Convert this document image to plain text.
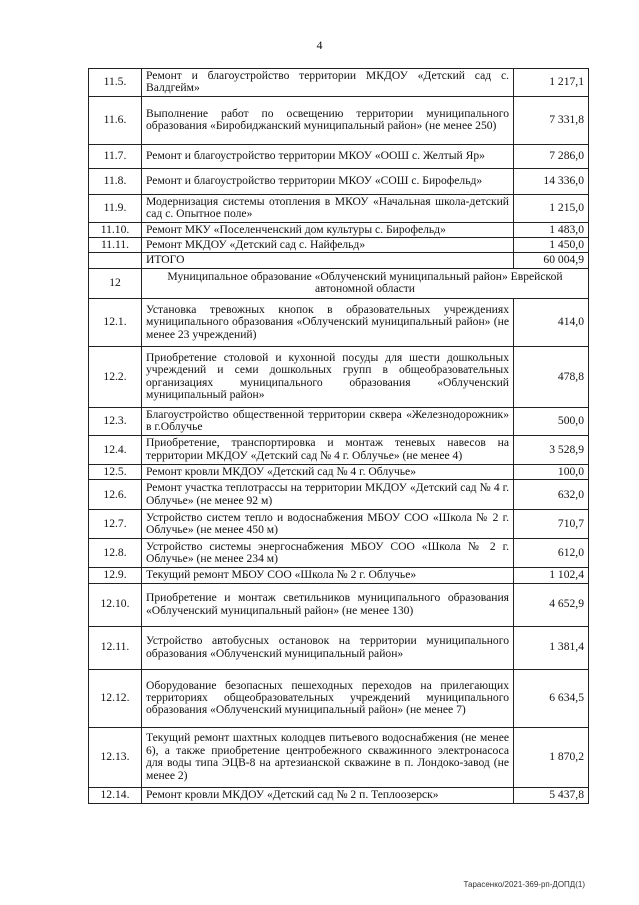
4
11.5.	Ремонт и благоустройство территории МКДОУ «Детский сад с. Валдгейм»	1 217,1
11.6.	Выполнение работ по освещению территории муниципального образования «Биробиджанский муниципальный район» (не менее 250)	7 331,8
11.7.	Ремонт и благоустройство территории МКОУ «ООШ с. Желтый Яр»	7 286,0
11.8.	Ремонт и благоустройство территории МКОУ «СОШ с. Бирофельд»	14 336,0
11.9.	Модернизация системы отопления в МКОУ «Начальная школа-детский сад с. Опытное поле»	1 215,0
11.10.	Ремонт МКУ «Поселенченский дом культуры с. Бирофельд»	1 483,0
11.11.	Ремонт МКДОУ «Детский сад с. Найфельд»	1 450,0
	ИТОГО	60 004,9
12	Муниципальное образование «Облученский муниципальный район» Еврейской автономной области	
12.1.	Установка тревожных кнопок в образовательных учреждениях муниципального образования «Облученский муниципальный район» (не менее 23 учреждений)	414,0
12.2.	Приобретение столовой и кухонной посуды для шести дошкольных учреждений и семи дошкольных групп в общеобразовательных организациях муниципального образования «Облученский муниципальный район»	478,8
12.3.	Благоустройство общественной территории сквера «Железнодорожник» в г.Облучье	500,0
12.4.	Приобретение, транспортировка и монтаж теневых навесов на территории МКДОУ «Детский сад № 4 г. Облучье» (не менее 4)	3 528,9
12.5.	Ремонт кровли МКДОУ «Детский сад № 4 г. Облучье»	100,0
12.6.	Ремонт участка теплотрассы на территории МКДОУ «Детский сад № 4 г. Облучье» (не менее 92 м)	632,0
12.7.	Устройство систем тепло и водоснабжения МБОУ СОО «Школа № 2 г. Облучье» (не менее 450 м)	710,7
12.8.	Устройство системы энергоснабжения МБОУ СОО «Школа № 2 г. Облучье» (не менее 234 м)	612,0
12.9.	Текущий ремонт МБОУ СОО «Школа № 2 г. Облучье»	1 102,4
12.10.	Приобретение и монтаж светильников муниципального образования «Облученский муниципальный район» (не менее 130)	4 652,9
12.11.	Устройство автобусных остановок на территории муниципального образования «Облученский муниципальный район»	1 381,4
12.12.	Оборудование безопасных пешеходных переходов на прилегающих территориях общеобразовательных учреждений муниципального образования «Облученский муниципальный район» (не менее 7)	6 634,5
12.13.	Текущий ремонт шахтных колодцев питьевого водоснабжения (не менее 6), а также приобретение центробежного скважинного электронасоса для воды типа ЭЦВ-8 на артезианской скважине в п. Лондоко-завод (не менее 2)	1 870,2
12.14.	Ремонт кровли МКДОУ «Детский сад № 2 п. Теплоозерск»	5 437,8
Тарасенко/2021-369-рп-ДОПД(1)
